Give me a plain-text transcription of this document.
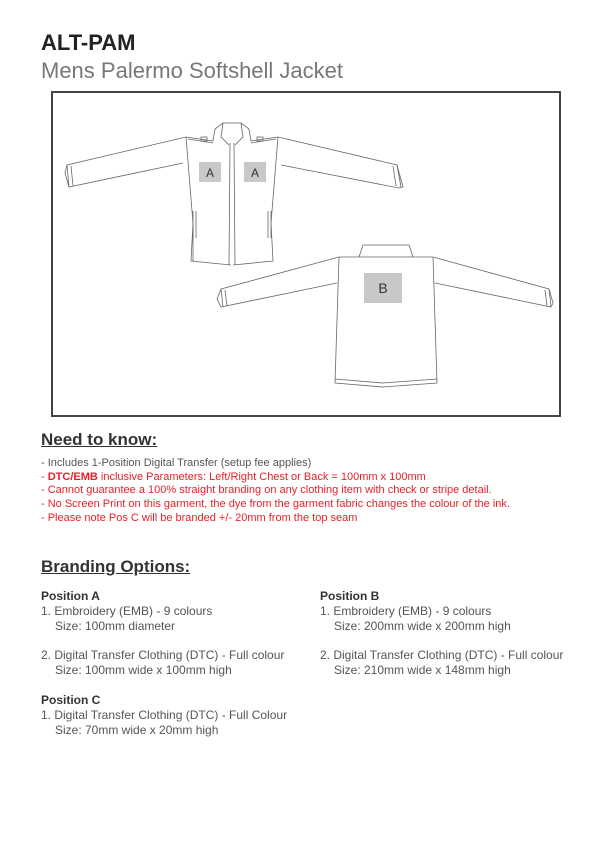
ALT-PAM
Mens Palermo Softshell Jacket
A	A
B
Need to know:
- Includes 1-Position Digital Transfer (setup fee applies)
- DTC/EMB inclusive Parameters: Left/Right Chest or Back = 100mm x 100mm
- Cannot guarantee a 100% straight branding on any clothing item with check or stripe detail.
- No Screen Print on this garment, the dye from the garment fabric changes the colour of the ink.
- Please note Pos C will be branded +/- 20mm from the top seam
Branding Options:
Position A
1. Embroidery (EMB) - 9 colours
Size: 100mm diameter
2. Digital Transfer Clothing (DTC) - Full colour
Size: 100mm wide x 100mm high
Position B
1. Embroidery (EMB) - 9 colours
Size: 200mm wide x 200mm high
2. Digital Transfer Clothing (DTC) - Full colour
Size: 210mm wide x 148mm high
Position C
1. Digital Transfer Clothing (DTC) - Full Colour
Size: 70mm wide x 20mm high
